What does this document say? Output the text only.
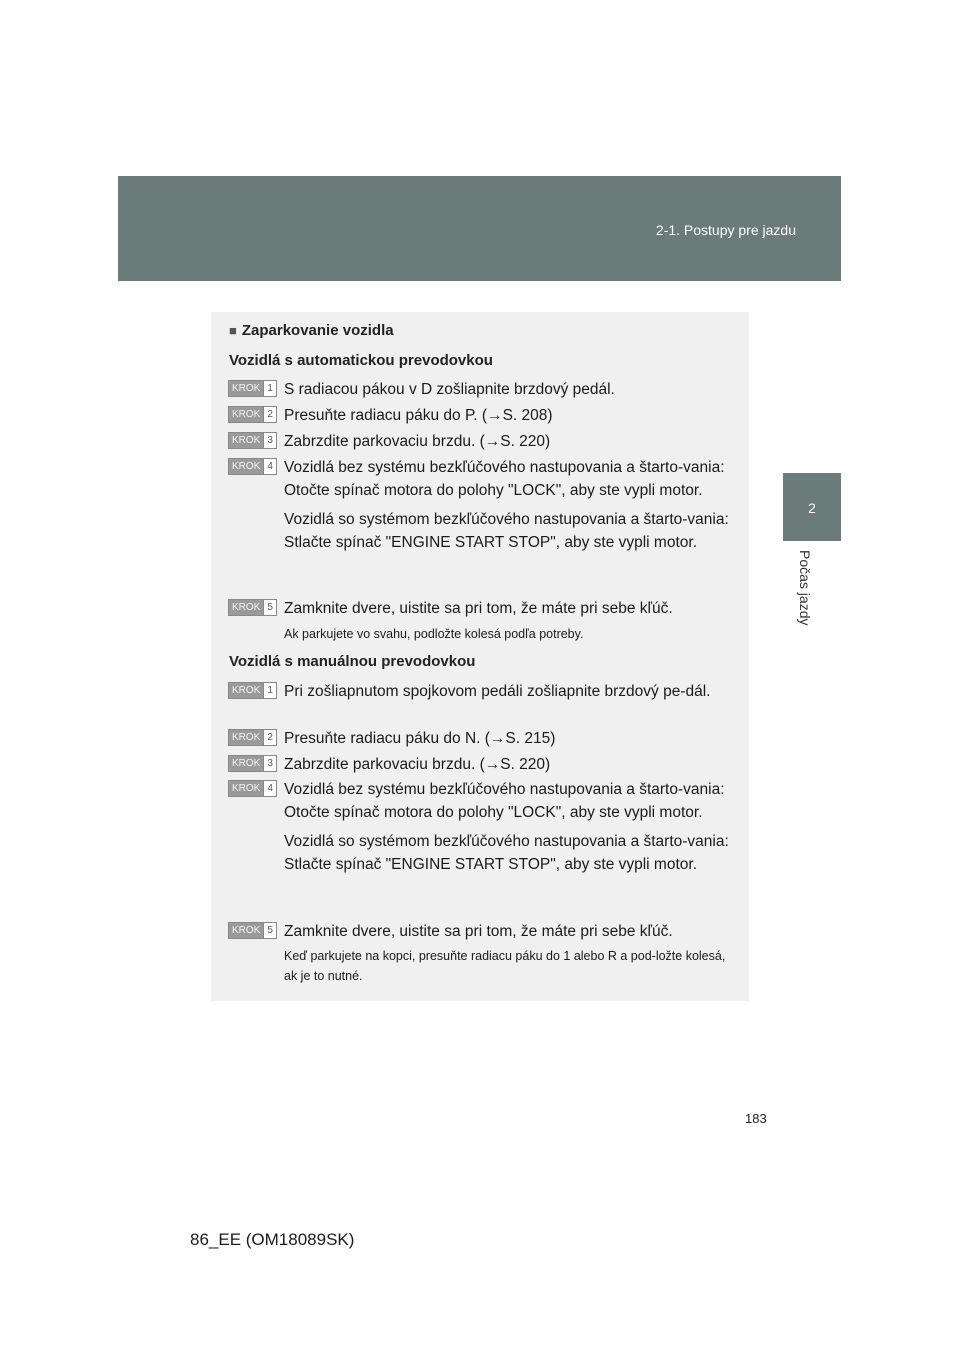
2-1. Postupy pre jazdu
2
Počas jazdy
■ Zaparkovanie vozidla
Vozidlá s automatickou prevodovkou
KROK 1 S radiacou pákou v D zošliapnite brzdový pedál.

KROK 2 Presuňte radiacu páku do P. (→S. 208)

KROK 3 Zabrzdite parkovaciu brzdu. (→S. 220)

KROK 4 Vozidlá bez systému bezkľúčového nastupovania a štarto-vania:

Otočte spínač motora do polohy "LOCK", aby ste vypli motor.

Vozidlá so systémom bezkľúčového nastupovania a štarto-vania:

Stlačte spínač "ENGINE START STOP", aby ste vypli motor.

KROK 5 Zamknite dvere, uistite sa pri tom, že máte pri sebe kľúč.

Ak parkujete vo svahu, podložte kolesá podľa potreby.
Vozidlá s manuálnou prevodovkou
KROK 1 Pri zošliapnutom spojkovom pedáli zošliapnite brzdový pe-dál.

KROK 2 Presuňte radiacu páku do N. (→S. 215)

KROK 3 Zabrzdite parkovaciu brzdu. (→S. 220)

KROK 4 Vozidlá bez systému bezkľúčového nastupovania a štarto-vania:

Otočte spínač motora do polohy "LOCK", aby ste vypli motor.

Vozidlá so systémom bezkľúčového nastupovania a štarto-vania:

Stlačte spínač "ENGINE START STOP", aby ste vypli motor.

KROK 5 Zamknite dvere, uistite sa pri tom, že máte pri sebe kľúč.

Keď parkujete na kopci, presuňte radiacu páku do 1 alebo R a pod-ložte kolesá, ak je to nutné.
183
86_EE (OM18089SK)
